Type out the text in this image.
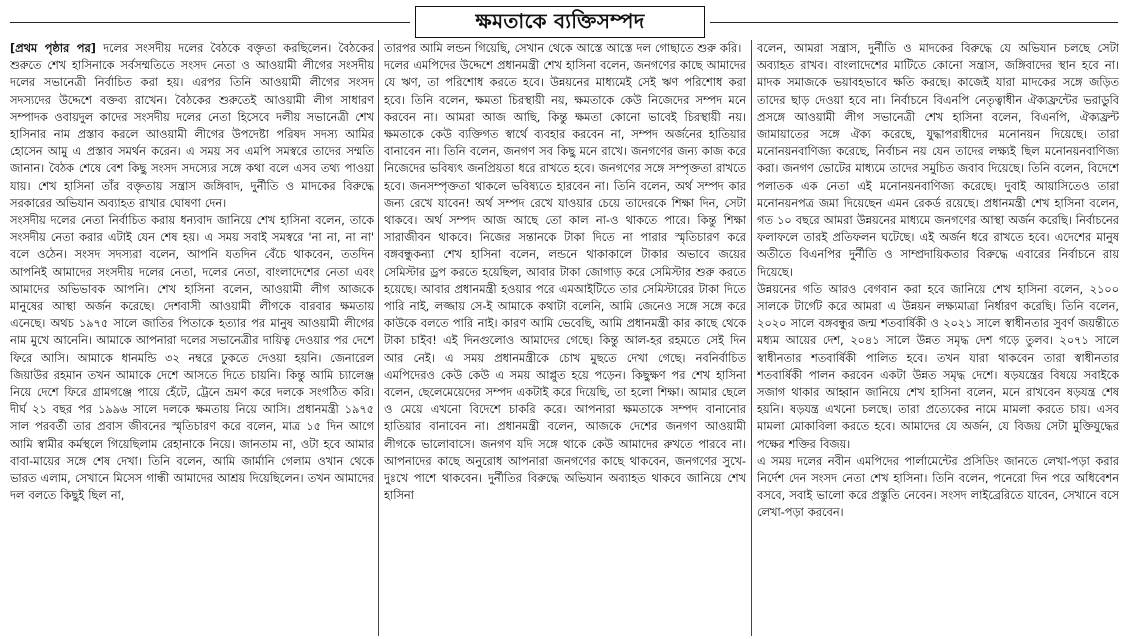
ক্ষমতাকে ব্যক্তিসম্পদ

[প্রথম পৃষ্ঠার পর] দলের সংসদীয় দলের বৈঠকে বক্তৃতা করছিলেন। বৈঠকের শুরুতে শেখ হাসিনাকে সর্বসম্মতিতে সংসদ নেতা ও আওয়ামী লীগের সংসদীয় দলের সভানেত্রী নির্বাচিত করা হয়। এরপর তিনি আওয়ামী লীগের সংসদ সদস্যদের উদ্দেশে বক্তব্য রাখেন। বৈঠকের শুরুতেই আওয়ামী লীগ সাধারণ সম্পাদক ওবায়দুল কাদের সংসদীয় দলের নেতা হিসেবে দলীয় সভানেত্রী শেখ হাসিনার নাম প্রস্তাব করলে আওয়ামী লীগের উপদেষ্টা পরিষদ সদস্য আমির হোসেন আমু এ প্রস্তাব সমর্থন করেন। এ সময় সব এমপি সমস্বরে তাদের সম্মতি জানান। বৈঠক শেষে বেশ কিছু সংসদ সদস্যের সঙ্গে কথা বলে এসব তথ্য পাওয়া যায়। শেখ হাসিনা তাঁর বক্তৃতায় সন্ত্রাস জঙ্গিবাদ, দুর্নীতি ও মাদকের বিরুদ্ধে সরকারের অভিযান অব্যাহত রাখার ঘোষণা দেন।

সংসদীয় দলের নেতা নির্বাচিত করায় ধন্যবাদ জানিয়ে শেখ হাসিনা বলেন, তাকে সংসদীয় নেতা করার এটাই যেন শেষ হয়। এ সময় সবাই সমস্বরে 'না না, না না' বলে ওঠেন। সংসদ সদস্যরা বলেন, আপনি যতদিন বেঁচে থাকবেন, ততদিন আপনিই আমাদের সংসদীয় দলের নেতা, দলের নেতা, বাংলাদেশের নেতা এবং আমাদের অভিভাবক আপনি। শেখ হাসিনা বলেন, আওয়ামী লীগ আজকে মানুষের আস্থা অর্জন করেছে। দেশবাসী আওয়ামী লীগকে বারবার ক্ষমতায় এনেছে। অথচ ১৯৭৫ সালে জাতির পিতাকে হত্যার পর মানুষ আওয়ামী লীগের নাম মুখে আনেনি। আমাকে আপনারা দলের সভানেত্রীর দায়িত্ব দেওয়ার পর দেশে ফিরে আসি। আমাকে ধানমন্ডি ৩২ নম্বরে ঢুকতে দেওয়া হয়নি। জেনারেল জিয়াউর রহমান তখন আমাকে দেশে আসতে দিতে চায়নি। কিন্তু আমি চ্যালেঞ্জ নিয়ে দেশে ফিরে গ্রামগঞ্জে পায়ে হেঁটে, ট্রেনে ভ্রমণ করে দলকে সংগঠিত করি। দীর্ঘ ২১ বছর পর ১৯৯৬ সালে দলকে ক্ষমতায় নিয়ে আসি। প্রধানমন্ত্রী ১৯৭৫ সাল পরবর্তী তার প্রবাস জীবনের স্মৃতিচারণ করে বলেন, মাত্র ১৫ দিন আগে আমি স্বামীর কর্মস্থলে গিয়েছিলাম রেহানাকে নিয়ে। জানতাম না, ওটা হবে আমার বাবা-মায়ের সঙ্গে শেষ দেখা। তিনি বলেন, আমি জার্মানি গেলাম ওখান থেকে ভারত এলাম, সেখানে মিসেস গান্ধী আমাদের আশ্রয় দিয়েছিলেন। তখন আমাদের দল বলতে কিছুই ছিল না,

তারপর আমি লন্ডন গিয়েছি, সেখান থেকে আস্তে আস্তে দল গোছাতে শুরু করি।

দলের এমপিদের উদ্দেশে প্রধানমন্ত্রী শেখ হাসিনা বলেন, জনগণের কাছে আমাদের যে ঋণ, তা পরিশোধ করতে হবে। উন্নয়নের মাধ্যমেই সেই ঋণ পরিশোধ করা হবে। তিনি বলেন, ক্ষমতা চিরস্থায়ী নয়, ক্ষমতাকে কেউ নিজেদের সম্পদ মনে করবেন না। আমরা আজ আছি, কিন্তু ক্ষমতা কোনো ভাবেই চিরস্থায়ী নয়। ক্ষমতাকে কেউ ব্যক্তিগত স্বার্থে ব্যবহার করবেন না, সম্পদ অর্জনের হাতিয়ার বানাবেন না। তিনি বলেন, জনগণ সব কিছু মনে রাখে। জনগণের জন্য কাজ করে নিজেদের ভবিষ্যৎ জনপ্রিয়তা ধরে রাখতে হবে। জনগণের সঙ্গে সম্পৃক্ততা রাখতে হবে। জনসম্পৃক্ততা থাকলে ভবিষ্যতে হারবেন না। তিনি বলেন, অর্থ সম্পদ কার জন্য রেখে যাবেন! অর্থ সম্পদ রেখে যাওয়ার চেয়ে তাদেরকে শিক্ষা দিন, সেটা থাকবে। অর্থ সম্পদ আজ আছে তো কাল না-ও থাকতে পারে। কিন্তু শিক্ষা সারাজীবন থাকবে। নিজের সন্তানকে টাকা দিতে না পারার স্মৃতিচারণ করে বঙ্গবন্ধুকন্যা শেখ হাসিনা বলেন, লন্ডনে থাকাকালে টাকার অভাবে জয়ের সেমিস্টার ড্রপ করতে হয়েছিল, আবার টাকা জোগাড় করে সেমিস্টার শুরু করতে হয়েছে। আবার প্রধানমন্ত্রী হওয়ার পরে এমআইটিতে তার সেমিস্টারের টাকা দিতে পারি নাই, লজ্জায় সে-ই আমাকে কথাটা বলেনি, আমি জেনেও সঙ্গে সঙ্গে করে কাউকে বলতে পারি নাই। কারণ আমি ভেবেছি, আমি প্রধানমন্ত্রী কার কাছে থেকে টাকা চাইব! এই দিনগুলোও আমাদের গেছে। কিন্তু আল-হর রহমতে সেই দিন আর নেই। এ সময় প্রধানমন্ত্রীকে চোখ মুছতে দেখা গেছে। নবনির্বাচিত এমপিদেরও কেউ কেউ এ সময় আপ্লুত হয়ে পড়েন। কিছুক্ষণ পর শেখ হাসিনা বলেন, ছেলেমেয়েদের সম্পদ একটাই করে দিয়েছি, তা হলো শিক্ষা। আমার ছেলে ও মেয়ে এখনো বিদেশে চাকরি করে। আপনারা ক্ষমতাকে সম্পদ বানানোর হাতিয়ার বানাবেন না। প্রধানমন্ত্রী বলেন, আজকে দেশের জনগণ আওয়ামী লীগকে ভালোবাসে। জনগণ যদি সঙ্গে থাকে কেউ আমাদের রুখতে পারবে না। আপনাদের কাছে অনুরোধ আপনারা জনগণের কাছে থাকবেন, জনগণের সুখে-দুঃখে পাশে থাকবেন। দুর্নীতির বিরুদ্ধে অভিযান অব্যাহত থাকবে জানিয়ে শেখ হাসিনা

বলেন, আমরা সন্ত্রাস, দুর্নীতি ও মাদকের বিরুদ্ধে যে অভিযান চলছে সেটা অব্যাহত রাখব। বাংলাদেশের মাটিতে কোনো সন্ত্রাস, জঙ্গিবাদের স্থান হবে না। মাদক সমাজকে ভয়াবহভাবে ক্ষতি করছে। কাজেই যারা মাদকের সঙ্গে জড়িত তাদের ছাড় দেওয়া হবে না। নির্বাচনে বিএনপি নেতৃত্বাধীন ঐক্যফ্রন্টের ভরাডুবি প্রসঙ্গে আওয়ামী লীগ সভানেত্রী শেখ হাসিনা বলেন, বিএনপি, ঐক্যফ্রন্ট জামায়াতের সঙ্গে ঐক্য করেছে, যুদ্ধাপরাধীদের মনোনয়ন দিয়েছে। তারা মনোনয়নবাণিজ্য করেছে, নির্বাচন নয় যেন তাদের লক্ষ্যই ছিল মনোনয়নবাণিজ্য করা। জনগণ ভোটের মাধ্যমে তাদের সমুচিত জবাব দিয়েছে। তিনি বলেন, বিদেশে পলাতক এক নেতা এই মনোনয়নবাণিজ্য করেছে। দুবাই আয়াসিতেও তারা মনোনয়নপত্র জমা দিয়েছেন এমন রেকর্ড রয়েছে। প্রধানমন্ত্রী শেখ হাসিনা বলেন, গত ১০ বছরে আমরা উন্নয়নের মাধ্যমে জনগণের আস্থা অর্জন করেছি। নির্বাচনের ফলাফলে তারই প্রতিফলন ঘটেছে। এই অর্জন ধরে রাখতে হবে। এদেশের মানুষ অতীতে বিএনপির দুর্নীতি ও সাম্প্রদায়িকতার বিরুদ্ধে এবারের নির্বাচনে রায় দিয়েছে।

উন্নয়নের গতি আরও বেগবান করা হবে জানিয়ে শেখ হাসিনা বলেন, ২১০০ সালকে টার্গেট করে আমরা এ উন্নয়ন লক্ষ্যমাত্রা নির্ধারণ করেছি। তিনি বলেন, ২০২০ সালে বঙ্গবন্ধুর জন্ম শতবার্ষিকী ও ২০২১ সালে স্বাধীনতার সুবর্ণ জয়ন্তীতে মধ্যম আয়ের দেশ, ২০৪১ সালে উন্নত সমৃদ্ধ দেশ গড়ে তুলব। ২০৭১ সালে স্বাধীনতার শতবার্ষিকী পালিত হবে। তখন যারা থাকবেন তারা স্বাধীনতার শতবার্ষিকী পালন করবেন একটা উন্নত সমৃদ্ধ দেশে। ষড়যন্ত্রের বিষয়ে সবাইকে সজাগ থাকার আহ্বান জানিয়ে শেখ হাসিনা বলেন, মনে রাখবেন ষড়যন্ত্র শেষ হয়নি। ষড়যন্ত্র এখনো চলছে। তারা প্রত্যেকের নামে মামলা করতে চায়। এসব মামলা মোকাবিলা করতে হবে। আমাদের যে অর্জন, যে বিজয় সেটা মুক্তিযুদ্ধের পক্ষের শক্তির বিজয়।

এ সময় দলের নবীন এমপিদের পার্লামেন্টের প্রসিডিং জানতে লেখা-পড়া করার নির্দেশ দেন সংসদ নেতা শেখ হাসিনা। তিনি বলেন, পনেরো দিন পরে অধিবেশন বসবে, সবাই ভালো করে প্রস্তুতি নেবেন। সংসদ লাইব্রেরিতে যাবেন, সেখানে বসে লেখা-পড়া করবেন।
